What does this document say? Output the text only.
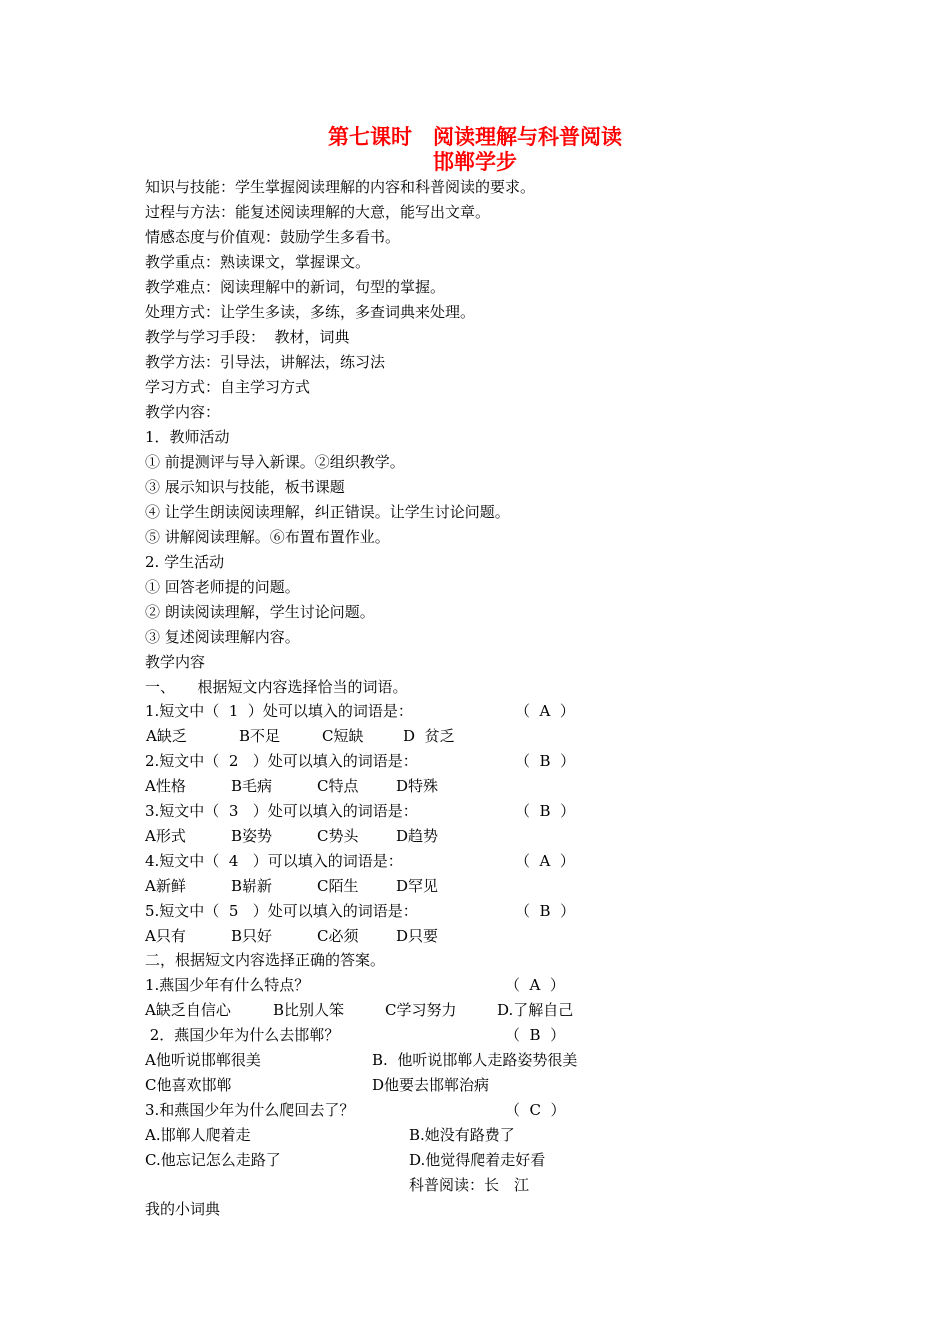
第七课时　阅读理解与科普阅读
邯郸学步
知识与技能：学生掌握阅读理解的内容和科普阅读的要求。
过程与方法：能复述阅读理解的大意，能写出文章。
情感态度与价值观：鼓励学生多看书。
教学重点：熟读课文，掌握课文。
教学难点：阅读理解中的新词，句型的掌握。
处理方式：让学生多读，多练，多查词典来处理。
教学与学习手段：  教材，词典
教学方法：引导法，讲解法，练习法
学习方式：自主学习方式
教学内容：
1．教师活动
① 前提测评与导入新课。②组织教学。
③ 展示知识与技能，板书课题
④ 让学生朗读阅读理解，纠正错误。让学生讨论问题。
⑤ 讲解阅读理解。⑥布置布置作业。
2. 学生活动
① 回答老师提的问题。
② 朗读阅读理解，学生讨论问题。
③ 复述阅读理解内容。
教学内容
一、　　根据短文内容选择恰当的词语。
1.短文中（  1  ）处可以填入的词语是：	（  A  ）
A缺乏	B不足	C短缺	D  贫乏
2.短文中（  2   ）处可以填入的词语是：	（  B  ）
A性格	B毛病	C特点	D特殊
3.短文中（  3   ）处可以填入的词语是：	（  B  ）
A形式	B姿势	C势头	D趋势
4.短文中（  4   ）可以填入的词语是：	（  A  ）
A新鲜	B崭新	C陌生	D罕见
5.短文中（  5   ）处可以填入的词语是：	（  B  ）
A只有	B只好	C必须	D只要
二，根据短文内容选择正确的答案。
1.燕国少年有什么特点？	（  A  ）
A缺乏自信心	B比别人笨	C学习努力	D.了解自己
2．燕国少年为什么去邯郸？	（  B  ）
A他听说邯郸很美	B.  他听说邯郸人走路姿势很美
C他喜欢邯郸	D他要去邯郸治病
3.和燕国少年为什么爬回去了？	（  C  ）
A.邯郸人爬着走	B.她没有路费了
C.他忘记怎么走路了	D.他觉得爬着走好看
科普阅读：长　江
我的小词典
